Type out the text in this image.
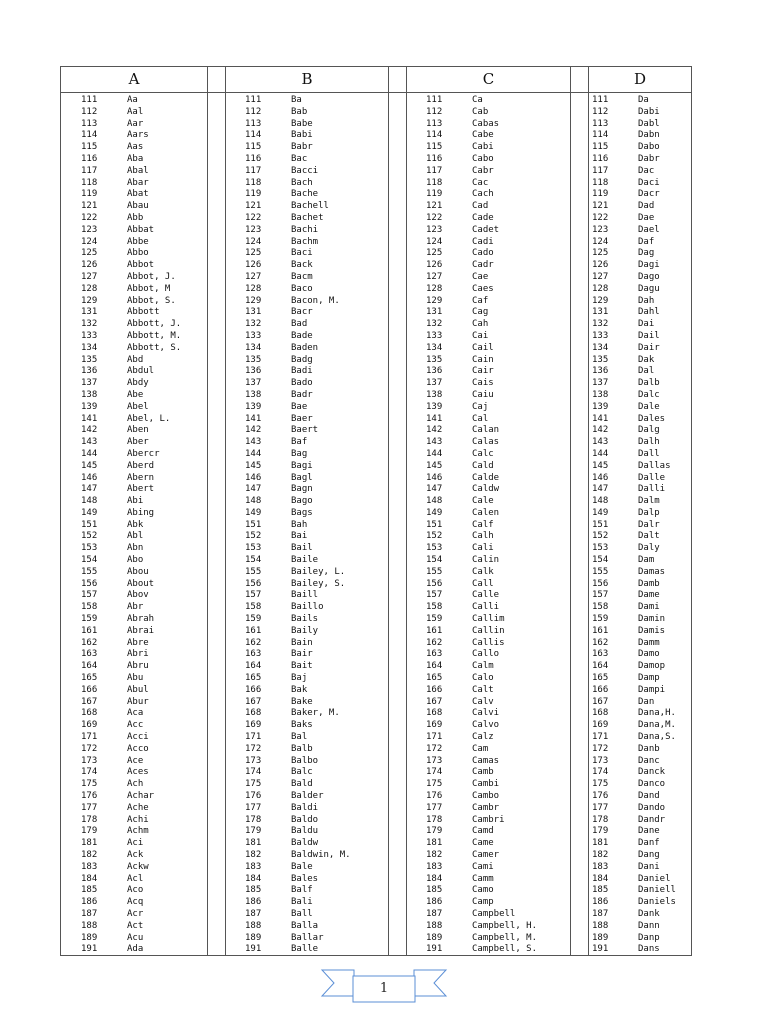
A
111	Aa
112	Aal
113	Aar
114	Aars
115	Aas
116	Aba
117	Abal
118	Abar
119	Abat
121	Abau
122	Abb
123	Abbat
124	Abbe
125	Abbo
126	Abbot
127	Abbot, J.
128	Abbot, M
129	Abbot, S.
131	Abbott
132	Abbott, J.
133	Abbott, M.
134	Abbott, S.
135	Abd
136	Abdul
137	Abdy
138	Abe
139	Abel
141	Abel, L.
142	Aben
143	Aber
144	Abercr
145	Aberd
146	Abern
147	Abert
148	Abi
149	Abing
151	Abk
152	Abl
153	Abn
154	Abo
155	Abou
156	About
157	Abov
158	Abr
159	Abrah
161	Abrai
162	Abre
163	Abri
164	Abru
165	Abu
166	Abul
167	Abur
168	Aca
169	Acc
171	Acci
172	Acco
173	Ace
174	Aces
175	Ach
176	Achar
177	Ache
178	Achi
179	Achm
181	Aci
182	Ack
183	Ackw
184	Acl
185	Aco
186	Acq
187	Acr
188	Act
189	Acu
191	Ada
B
111	Ba
112	Bab
113	Babe
114	Babi
115	Babr
116	Bac
117	Bacci
118	Bach
119	Bache
121	Bachell
122	Bachet
123	Bachi
124	Bachm
125	Baci
126	Back
127	Bacm
128	Baco
129	Bacon, M.
131	Bacr
132	Bad
133	Bade
134	Baden
135	Badg
136	Badi
137	Bado
138	Badr
139	Bae
141	Baer
142	Baert
143	Baf
144	Bag
145	Bagi
146	Bagl
147	Bagn
148	Bago
149	Bags
151	Bah
152	Bai
153	Bail
154	Baile
155	Bailey, L.
156	Bailey, S.
157	Baill
158	Baillo
159	Bails
161	Baily
162	Bain
163	Bair
164	Bait
165	Baj
166	Bak
167	Bake
168	Baker, M.
169	Baks
171	Bal
172	Balb
173	Balbo
174	Balc
175	Bald
176	Balder
177	Baldi
178	Baldo
179	Baldu
181	Baldw
182	Baldwin, M.
183	Bale
184	Bales
185	Balf
186	Bali
187	Ball
188	Balla
189	Ballar
191	Balle
C
111	Ca
112	Cab
113	Cabas
114	Cabe
115	Cabi
116	Cabo
117	Cabr
118	Cac
119	Cach
121	Cad
122	Cade
123	Cadet
124	Cadi
125	Cado
126	Cadr
127	Cae
128	Caes
129	Caf
131	Cag
132	Cah
133	Cai
134	Cail
135	Cain
136	Cair
137	Cais
138	Caiu
139	Caj
141	Cal
142	Calan
143	Calas
144	Calc
145	Cald
146	Calde
147	Caldw
148	Cale
149	Calen
151	Calf
152	Calh
153	Cali
154	Calin
155	Calk
156	Call
157	Calle
158	Calli
159	Callim
161	Callin
162	Callis
163	Callo
164	Calm
165	Calo
166	Calt
167	Calv
168	Calvi
169	Calvo
171	Calz
172	Cam
173	Camas
174	Camb
175	Cambi
176	Cambo
177	Cambr
178	Cambri
179	Camd
181	Came
182	Camer
183	Cami
184	Camm
185	Camo
186	Camp
187	Campbell
188	Campbell, H.
189	Campbell, M.
191	Campbell, S.
D
111	Da
112	Dabi
113	Dabl
114	Dabn
115	Dabo
116	Dabr
117	Dac
118	Daci
119	Dacr
121	Dad
122	Dae
123	Dael
124	Daf
125	Dag
126	Dagi
127	Dago
128	Dagu
129	Dah
131	Dahl
132	Dai
133	Dail
134	Dair
135	Dak
136	Dal
137	Dalb
138	Dalc
139	Dale
141	Dales
142	Dalg
143	Dalh
144	Dall
145	Dallas
146	Dalle
147	Dalli
148	Dalm
149	Dalp
151	Dalr
152	Dalt
153	Daly
154	Dam
155	Damas
156	Damb
157	Dame
158	Dami
159	Damin
161	Damis
162	Damm
163	Damo
164	Damop
165	Damp
166	Dampi
167	Dan
168	Dana,H.
169	Dana,M.
171	Dana,S.
172	Danb
173	Danc
174	Danck
175	Danco
176	Dand
177	Dando
178	Dandr
179	Dane
181	Danf
182	Dang
183	Dani
184	Daniel
185	Daniell
186	Daniels
187	Dank
188	Dann
189	Danp
191	Dans
1
